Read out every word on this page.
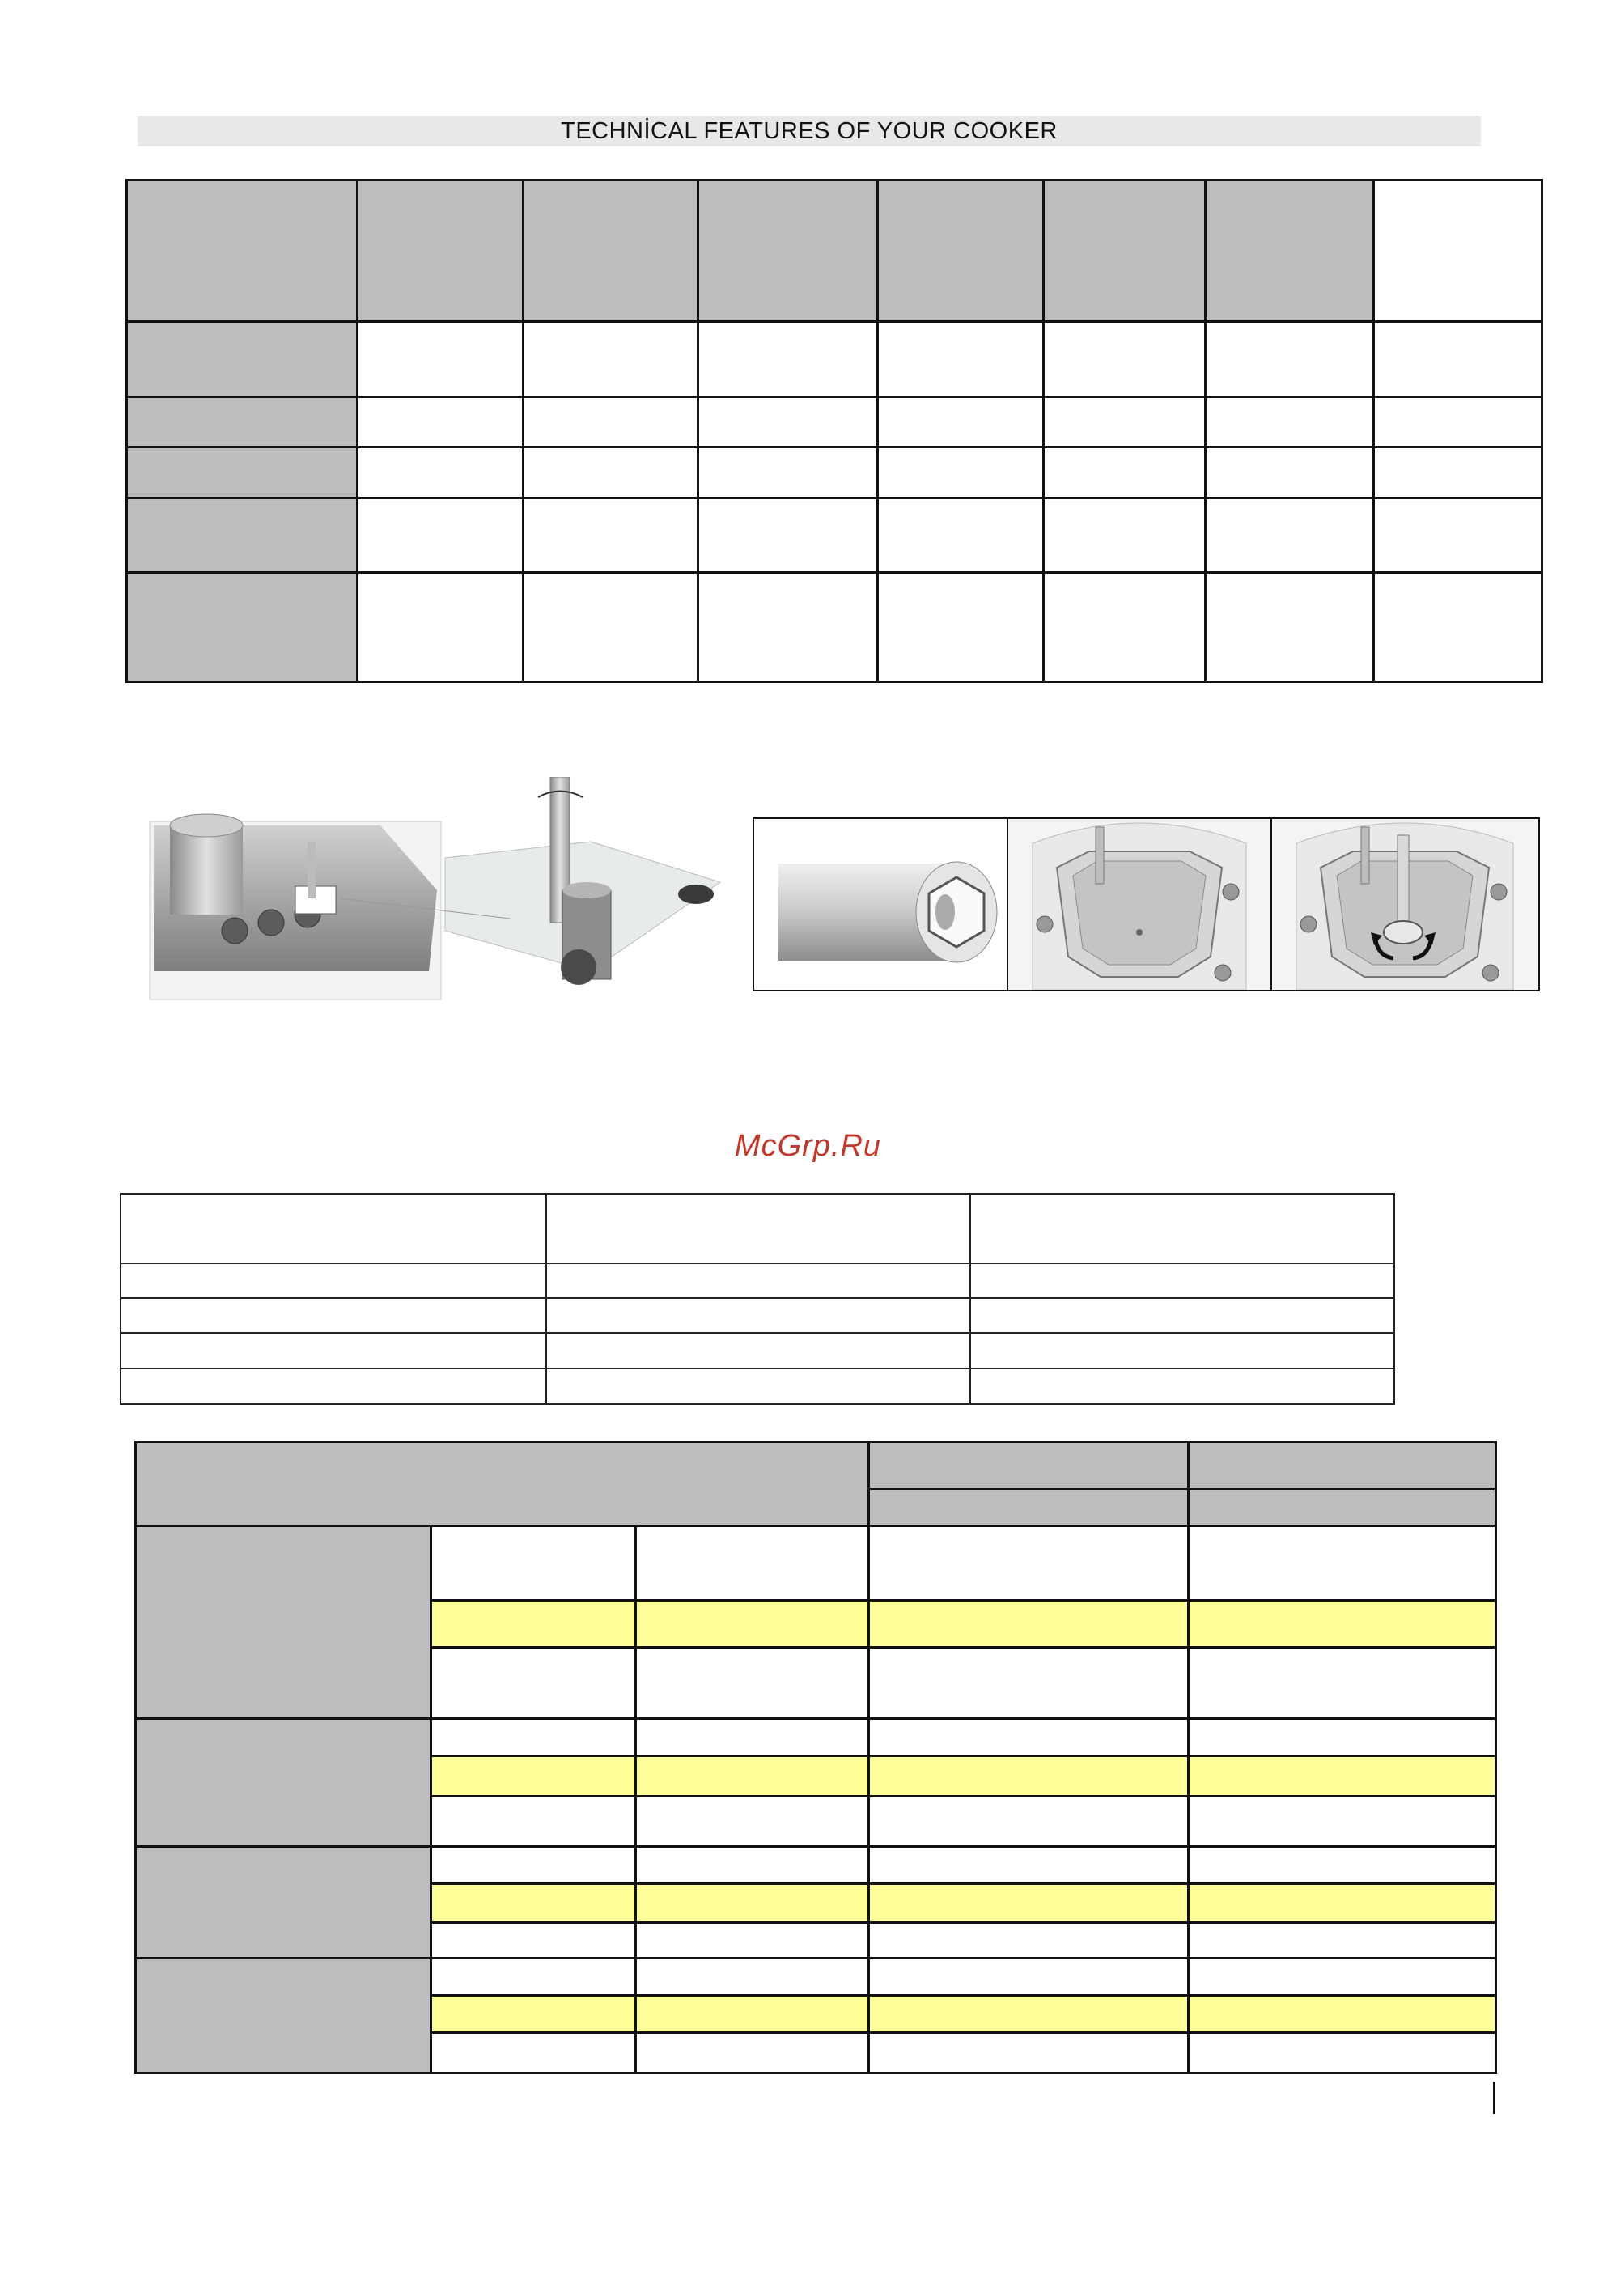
TECHNİCAL FEATURES OF YOUR COOKER

McGrp.Ru
